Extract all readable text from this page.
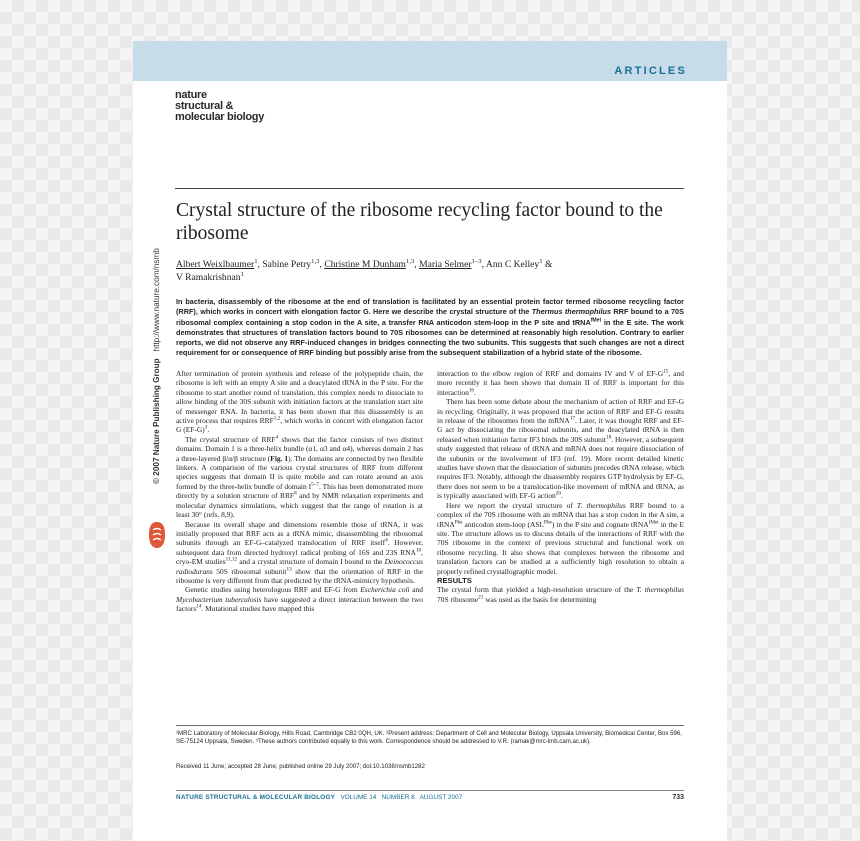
ARTICLES
nature
structural &
molecular biology
Crystal structure of the ribosome recycling factor bound to the ribosome
Albert Weixlbaumer$^1$, Sabine Petry$^{1,3}$, Christine M Dunham$^{1,3}$, Maria Selmer$^{1-3}$, Ann C Kelley$^1$ &
V Ramakrishnan$^1$
In bacteria, disassembly of the ribosome at the end of translation is facilitated by an essential protein factor termed ribosome recycling factor (RRF), which works in concert with elongation factor G. Here we describe the crystal structure of the Thermus thermophilus RRF bound to a 70S ribosomal complex containing a stop codon in the A site, a transfer RNA anticodon stem-loop in the P site and tRNA$^{fMet}$ in the E site. The work demonstrates that structures of translation factors bound to 70S ribosomes can be determined at reasonably high resolution. Contrary to earlier reports, we did not observe any RRF-induced changes in bridges connecting the two subunits. This suggests that such changes are not a direct requirement for or consequence of RRF binding but possibly arise from the subsequent stabilization of a hybrid state of the ribosome.

After termination of protein synthesis and release of the polypeptide chain, the ribosome is left with an empty A site and a deacylated tRNA in the P site. For the ribosome to start another round of translation, this complex needs to dissociate to allow binding of the 30S subunit with initiation factors at the translation start site of messenger RNA. In bacteria, it has been shown that this disassembly is an active process that requires RRF$^{1,2}$, which works in concert with elongation factor G $(EF-G)^3$.

The crystal structure of RRF$^4$ shows that the factor consists of two distinct domains. Domain 1 is a three-helix bundle (α1, α3 and α4), whereas domain 2 has a three-layered β/α/β structure (Fig. 1). The domains are connected by two flexible linkers. A comparison of the various crystal structures of RRF from different species suggests that domain II is quite mobile and can rotate around an axis formed by the three-helix bundle of domain $I^{5-7}$. This has been demonstrated more directly by a solution structure of RRF$^8$ and by NMR relaxation experiments and molecular dynamics simulations, which suggest that the range of rotation is at least 30° (refs. 8,9).

Because its overall shape and dimensions resemble those of tRNA, it was initially proposed that RRF acts as a tRNA mimic, disassembling the ribosomal subunits through an EF-G–catalyzed translocation of RRF itself$^4$. However, subsequent data from directed hydroxyl radical probing of 16S and 23S RNA$^{10}$, cryo-EM studies$^{11,12}$ and a crystal structure of domain I bound to the Deinococcus radiodurans 50S ribosomal subunit$^{13}$ show that the orientation of RRF in the ribosome is very different from that predicted by the tRNA-mimicry hypothesis.

Genetic studies using heterologous RRF and EF-G from Escherichia coli and Mycobacterium tuberculosis have suggested a direct interaction between the two factors$^{14}$. Mutational studies have mapped this

interaction to the elbow region of RRF and domains IV and V of $EF-G^{15}$, and more recently it has been shown that domain II of RRF is important for this interaction$^{16}$.

There has been some debate about the mechanism of action of RRF and EF-G in recycling. Originally, it was proposed that the action of RRF and EF-G results in release of the ribosomes from the mRNA$^{17}$. Later, it was thought RRF and EF-G act by dissociating the ribosomal subunits, and the deacylated tRNA is then released when initiation factor IF3 binds the 30S subunit$^{18}$. However, a subsequent study suggested that release of tRNA and mRNA does not require dissociation of the subunits or the involvement of IF3 (ref. 19). More recent detailed kinetic studies have shown that the dissociation of subunits precedes tRNA release, which requires IF3. Notably, although the disassembly requires GTP hydrolysis by EF-G, there does not seem to be a translocation-like movement of mRNA and tRNA, as is typically associated with EF-G action$^{20}$.

Here we report the crystal structure of T. thermophilus RRF bound to a complex of the 70S ribosome with an mRNA that has a stop codon in the A site, a tRNA$^{Phe}$ anticodon stem-loop $(ASL^{Phe})$ in the P site and cognate tRNA$^{fMet}$ in the E site. The structure allows us to discuss details of the interactions of RRF with the 70S ribosome in the context of previous structural and functional work on ribosome recycling. It also shows that complexes between the ribosome and translation factors can be studied at a sufficiently high resolution to obtain a properly refined crystallographic model.

RESULTS

The crystal form that yielded a high-resolution structure of the T. thermophilus 70S ribosome$^{21}$ was used as the basis for determining

¹MRC Laboratory of Molecular Biology, Hills Road, Cambridge CB2 0QH, UK. ²Present address: Department of Cell and Molecular Biology, Uppsala University, Biomedical Center, Box 596, SE-75124 Uppsala, Sweden. ³These authors contributed equally to this work. Correspondence should be addressed to V.R. (ramak@mrc-lmb.cam.ac.uk).
Received 11 June; accepted 28 June; published online 29 July 2007; doi:10.1038/nsmb1282
NATURE STRUCTURAL & MOLECULAR BIOLOGY VOLUME 14 NUMBER 8 AUGUST 2007	733
© 2007 Nature Publishing Group   http://www.nature.com/nsmb
